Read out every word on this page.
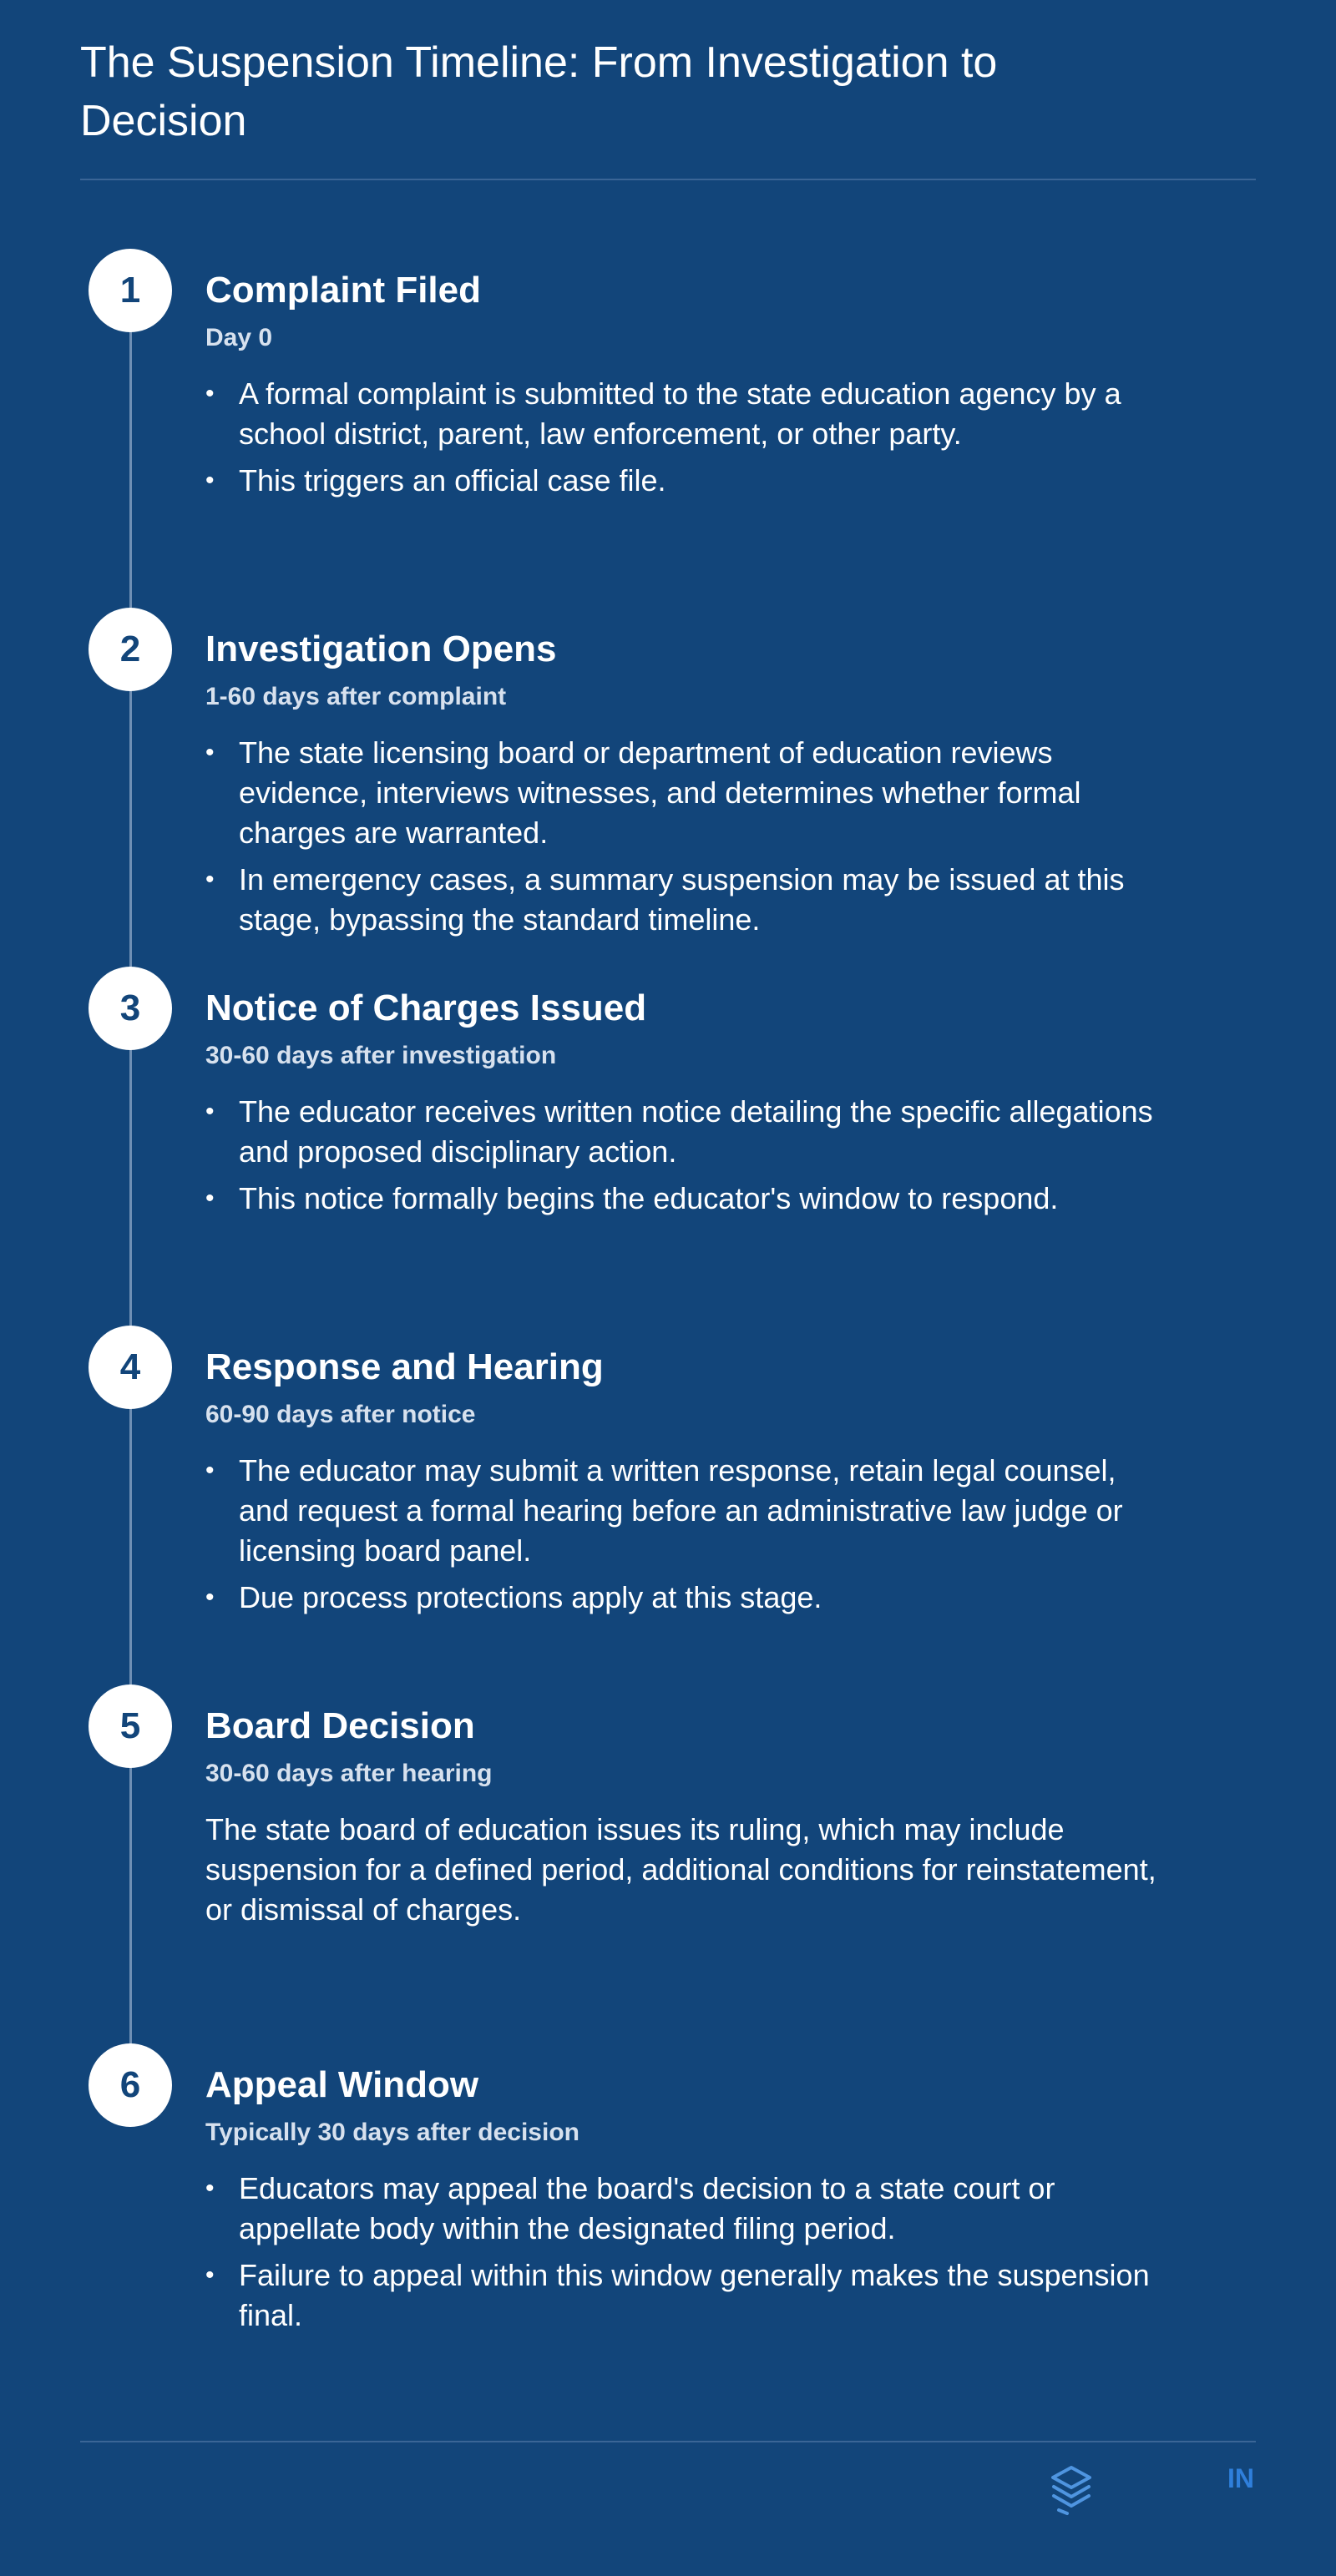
The Suspension Timeline: From Investigation to Decision
1	Complaint Filed
Day 0
• A formal complaint is submitted to the state education agency by a school district, parent, law enforcement, or other party.
• This triggers an official case file.
2	Investigation Opens
1-60 days after complaint
• The state licensing board or department of education reviews evidence, interviews witnesses, and determines whether formal charges are warranted.
• In emergency cases, a summary suspension may be issued at this stage, bypassing the standard timeline.
3	Notice of Charges Issued
30-60 days after investigation
• The educator receives written notice detailing the specific allegations and proposed disciplinary action.
• This notice formally begins the educator's window to respond.
4	Response and Hearing
60-90 days after notice
• The educator may submit a written response, retain legal counsel, and request a formal hearing before an administrative law judge or licensing board panel.
• Due process protections apply at this stage.
5	Board Decision
30-60 days after hearing

The state board of education issues its ruling, which may include suspension for a defined period, additional conditions for reinstatement, or dismissal of charges.

6	Appeal Window
Typically 30 days after decision
• Educators may appeal the board's decision to a state court or appellate body within the designated filing period.
• Failure to appeal within this window generally makes the suspension final.
IN
